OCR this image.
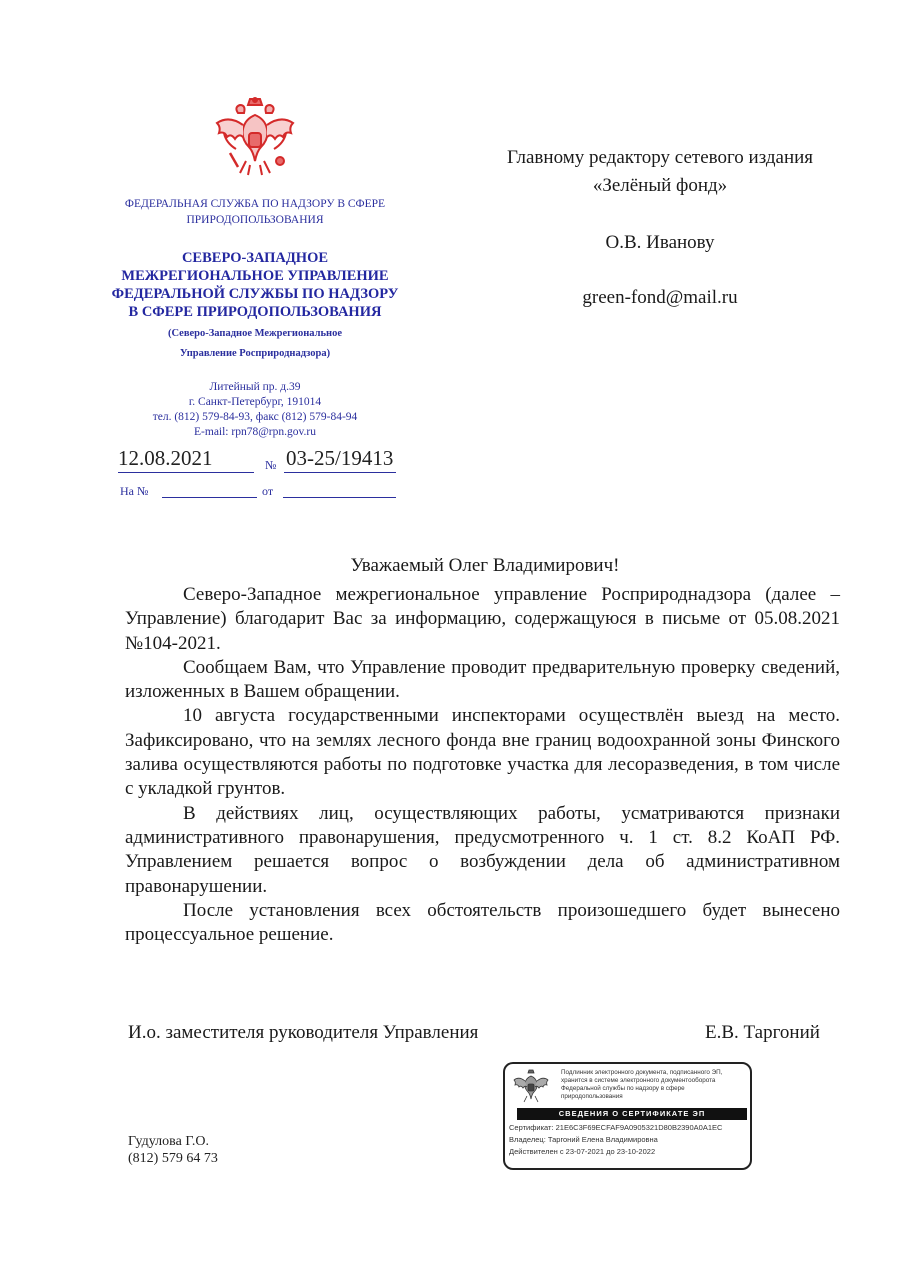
ФЕДЕРАЛЬНАЯ СЛУЖБА ПО НАДЗОРУ В СФЕРЕ
ПРИРОДОПОЛЬЗОВАНИЯ
СЕВЕРО-ЗАПАДНОЕ
МЕЖРЕГИОНАЛЬНОЕ УПРАВЛЕНИЕ
ФЕДЕРАЛЬНОЙ СЛУЖБЫ ПО НАДЗОРУ
В СФЕРЕ ПРИРОДОПОЛЬЗОВАНИЯ
(Северо-Западное Межрегиональное
Управление Росприроднадзора)
Литейный пр. д.39
г. Санкт-Петербург, 191014
тел. (812) 579-84-93, факс (812) 579-84-94
E-mail: rpn78@rpn.gov.ru
12.08.2021	№ 03-25/19413
На №	от
Главному редактору сетевого издания
«Зелёный фонд»
О.В. Иванову
green-fond@mail.ru
Уважаемый Олег Владимирович!

Северо-Западное межрегиональное управление Росприроднадзора (далее – Управление) благодарит Вас за информацию, содержащуюся в письме от 05.08.2021 №104-2021.

Сообщаем Вам, что Управление проводит предварительную проверку сведений, изложенных в Вашем обращении.

10 августа государственными инспекторами осуществлён выезд на место. Зафиксировано, что на землях лесного фонда вне границ водоохранной зоны Финского залива осуществляются работы по подготовке участка для лесоразведения, в том числе с укладкой грунтов.

В действиях лиц, осуществляющих работы, усматриваются признаки административного правонарушения, предусмотренного ч. 1 ст. 8.2 КоАП РФ. Управлением решается вопрос о возбуждении дела об административном правонарушении.

После установления всех обстоятельств произошедшего будет вынесено процессуальное решение.

И.о. заместителя руководителя Управления	Е.В. Таргоний
Подлинник электронного документа, подписанного ЭП, хранится в системе электронного документооборота Федеральной службы по надзору в сфере природопользования
СВЕДЕНИЯ О СЕРТИФИКАТЕ ЭП
Сертификат: 21E6C3F69ECFAF9A0905321D80B2390A0A1EC
Владелец: Таргоний Елена Владимировна
Действителен с 23-07-2021 до 23-10-2022
Гудулова Г.О.
(812) 579 64 73
